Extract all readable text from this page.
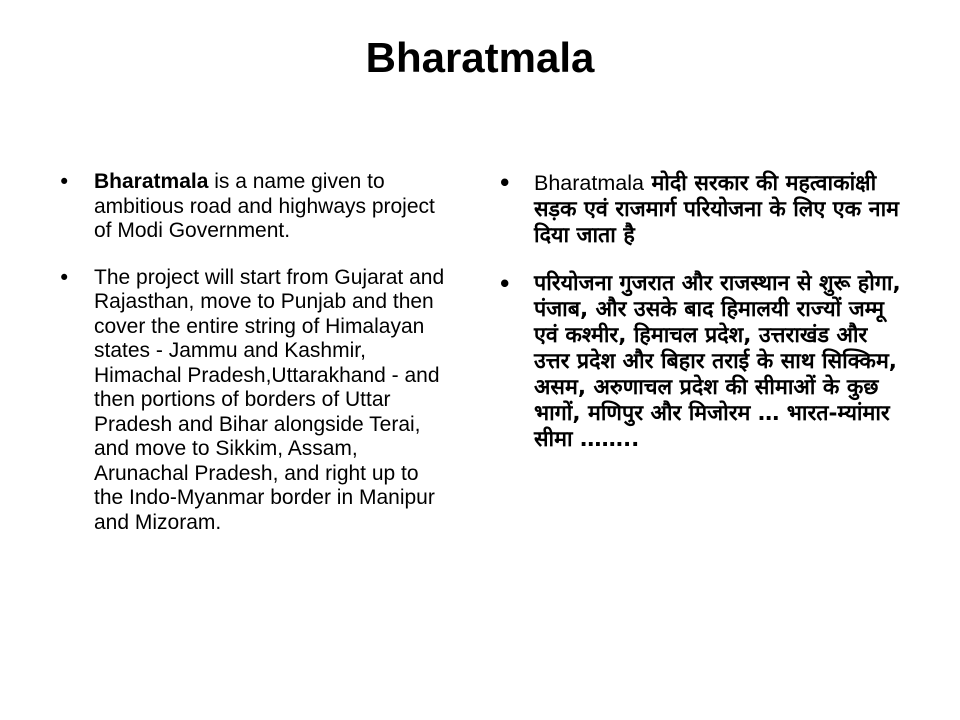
Bharatmala
•	Bharatmala is a name given to ambitious road and highways project of Modi Government.
•	The project will start from Gujarat and Rajasthan, move to Punjab and then cover the entire string of Himalayan states - Jammu and Kashmir, Himachal Pradesh,Uttarakhand - and then portions of borders of Uttar Pradesh and Bihar alongside Terai, and move to Sikkim, Assam, Arunachal Pradesh, and right up to the Indo-Myanmar border in Manipur and Mizoram.
•	Bharatmala मोदी सरकार की महत्वाकांक्षी सड़क एवं राजमार्ग परियोजना के लिए एक नाम दिया जाता है
•	परियोजना गुजरात और राजस्थान से शुरू होगा, पंजाब, और उसके बाद हिमालयी राज्यों जम्मू एवं कश्मीर, हिमाचल प्रदेश, उत्तराखंड और उत्तर प्रदेश और बिहार तराई के साथ सिक्किम, असम, अरुणाचल प्रदेश की सीमाओं के कुछ भागों, मणिपुर और मिजोरम … भारत-म्यांमार सीमा ……..
